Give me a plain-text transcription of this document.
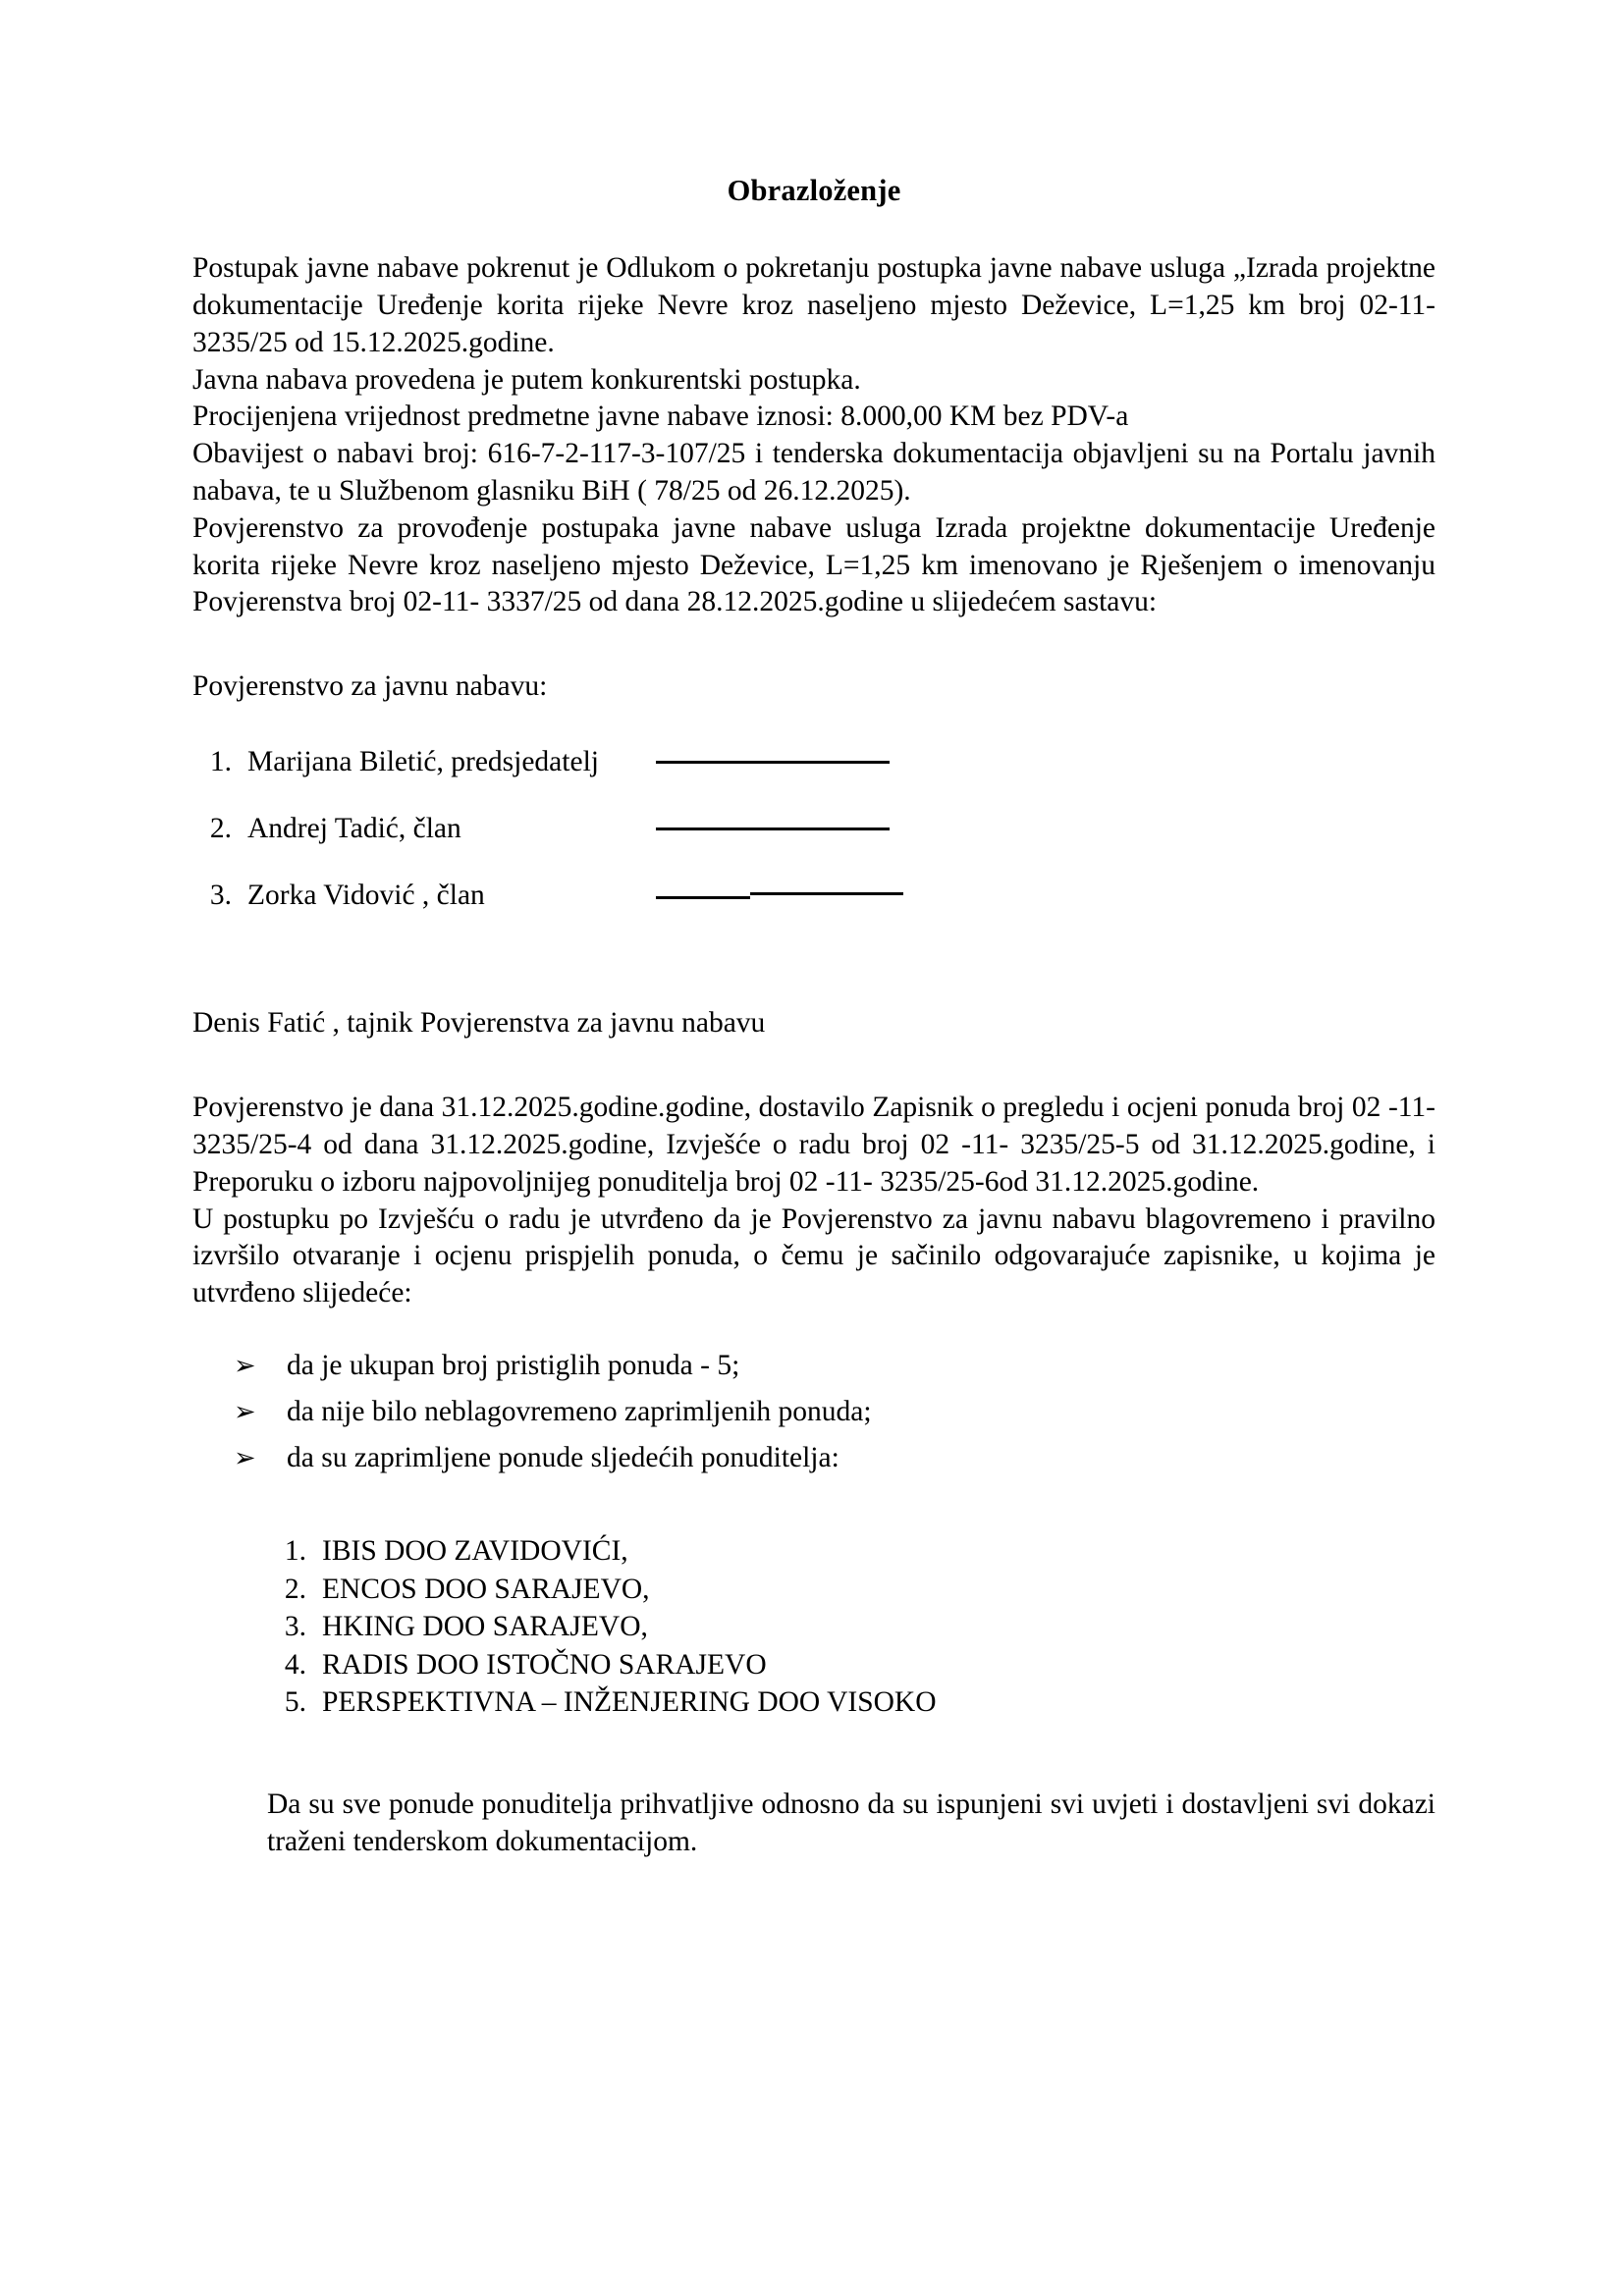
Obrazloženje

Postupak javne nabave pokrenut je Odlukom o pokretanju postupka javne nabave usluga „Izrada projektne dokumentacije Uređenje korita rijeke Nevre kroz naseljeno mjesto Deževice, L=1,25 km broj 02-11-3235/25 od 15.12.2025.godine.

Javna nabava provedena je putem konkurentski postupka.

Procijenjena vrijednost predmetne javne nabave iznosi: 8.000,00 KM bez PDV-a

Obavijest o nabavi broj: 616-7-2-117-3-107/25 i tenderska dokumentacija objavljeni su na Portalu javnih nabava, te u Službenom glasniku BiH ( 78/25 od 26.12.2025).

Povjerenstvo za provođenje postupaka javne nabave usluga Izrada projektne dokumentacije Uređenje korita rijeke Nevre kroz naseljeno mjesto Deževice, L=1,25 km imenovano je Rješenjem o imenovanju Povjerenstva broj 02-11- 3337/25 od dana 28.12.2025.godine u slijedećem sastavu:

Povjerenstvo za javnu nabavu:

1. Marijana Biletić, predsjedatelj
2. Andrej Tadić, član
3. Zorka Vidović , član

Denis Fatić , tajnik Povjerenstva za javnu nabavu

Povjerenstvo je dana 31.12.2025.godine.godine, dostavilo Zapisnik o pregledu i ocjeni ponuda broj 02 -11- 3235/25-4 od dana 31.12.2025.godine, Izvješće o radu broj 02 -11- 3235/25-5 od 31.12.2025.godine, i Preporuku o izboru najpovoljnijeg ponuditelja broj 02 -11- 3235/25-6od 31.12.2025.godine.

U postupku po Izvješću o radu je utvrđeno da je Povjerenstvo za javnu nabavu blagovremeno i pravilno izvršilo otvaranje i ocjenu prispjelih ponuda, o čemu je sačinilo odgovarajuće zapisnike, u kojima je utvrđeno slijedeće:

➢	da je ukupan broj pristiglih ponuda - 5;
➢	da nije bilo neblagovremeno zaprimljenih ponuda;
➢	da su zaprimljene ponude sljedećih ponuditelja:
1. IBIS DOO ZAVIDOVIĆI,
2. ENCOS DOO SARAJEVO,
3. HKING DOO SARAJEVO,
4. RADIS DOO ISTOČNO SARAJEVO
5. PERSPEKTIVNA – INŽENJERING DOO VISOKO

Da su sve ponude ponuditelja prihvatljive odnosno da su ispunjeni svi uvjeti i dostavljeni svi dokazi traženi tenderskom dokumentacijom.
